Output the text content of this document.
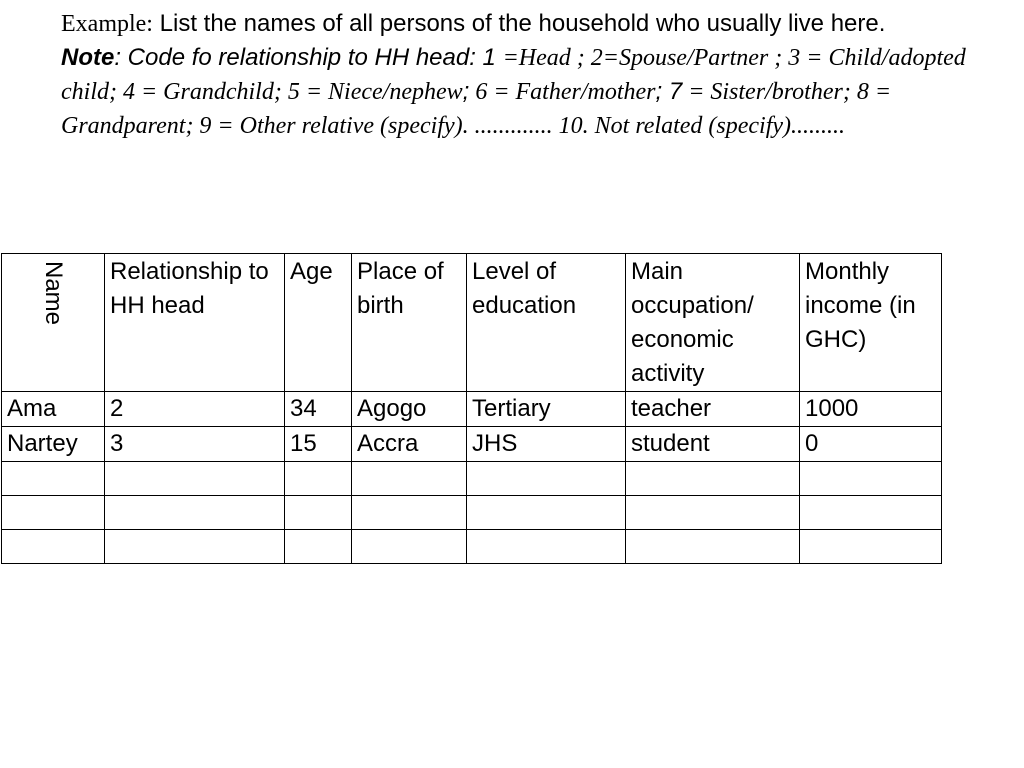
Example: List the names of all persons of the household who usually live here.
Note: Code fo relationship to HH head: 1 =Head ; 2=Spouse/Partner ; 3 = Child/adopted child; 4 = Grandchild; 5 = Niece/nephew; 6 = Father/mother; 7 = Sister/brother; 8 = Grandparent; 9 = Other relative (specify). ............. 10. Not related (specify).........
Name	Relationship to HH head	Age	Place of birth	Level of education	Main occupation/ economic activity	Monthly income (in GHC)
Ama	2	34	Agogo	Tertiary	teacher	1000
Nartey	3	15	Accra	JHS	student	0
